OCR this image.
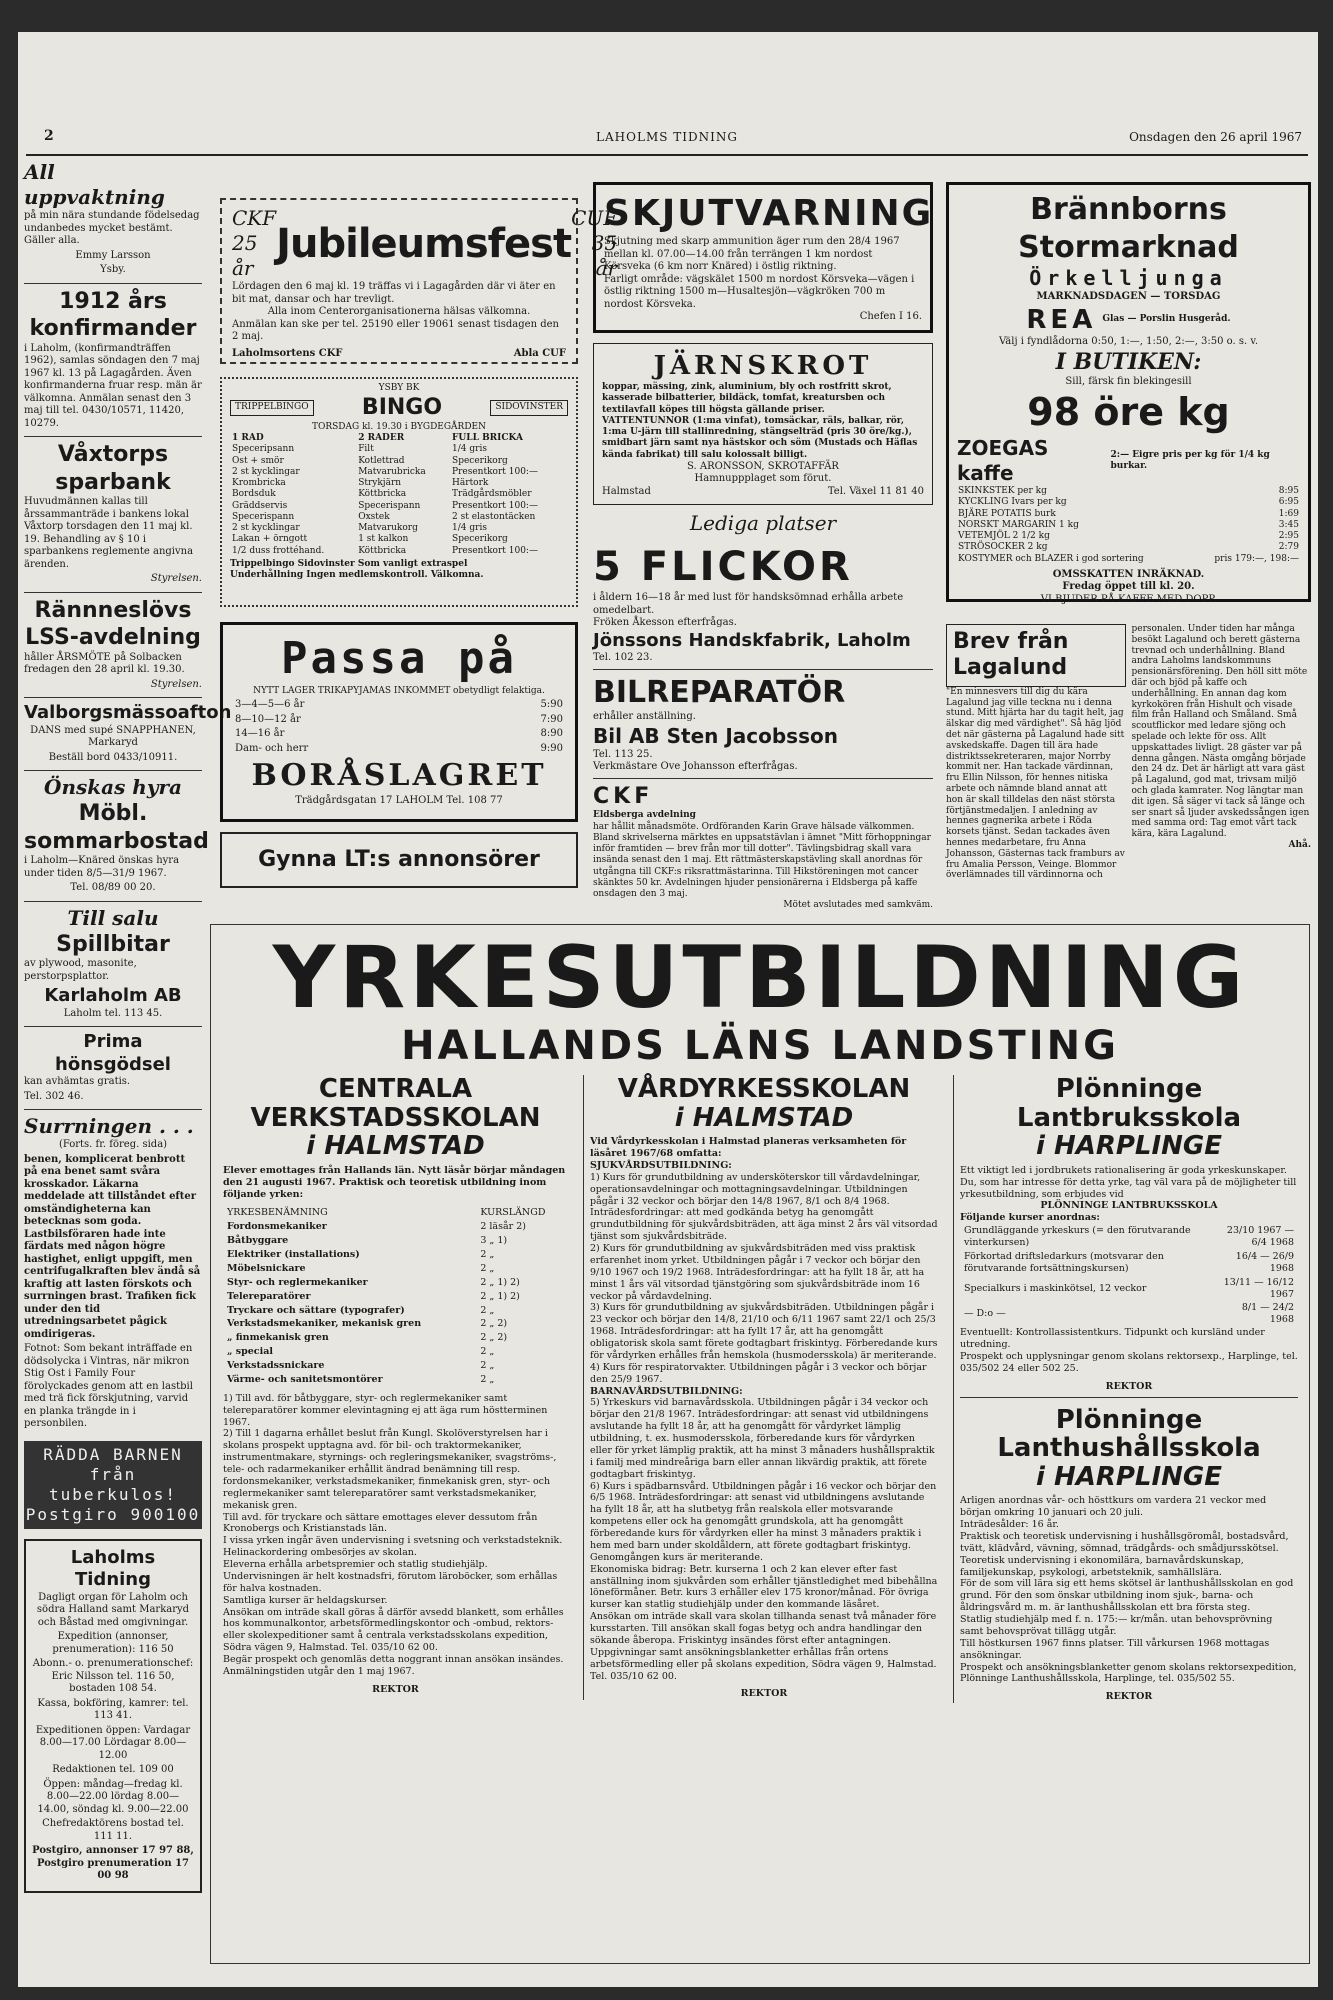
2	LAHOLMS TIDNING	Onsdagen den 26 april 1967
All uppvaktning

på min nära stundande födelsedag undanbedes mycket bestämt. Gäller alla.

Emmy Larsson

Ysby.

1912 års konfirmander

i Laholm, (konfirmandträffen 1962), samlas söndagen den 7 maj 1967 kl. 13 på Lagagården. Även konfirmanderna fruar resp. män är välkomna. Anmälan senast den 3 maj till tel. 0430/10571, 11420, 10279.

Våxtorps sparbank

Huvudmännen kallas till årssammanträde i bankens lokal Våxtorp torsdagen den 11 maj kl. 19. Behandling av § 10 i sparbankens reglemente angivna ärenden.

Styrelsen.

Rännneslövs LSS-avdelning

håller ÅRSMÖTE på Solbacken fredagen den 28 april kl. 19.30.

Styrelsen.

Valborgsmässoafton

DANS med supé SNAPPHANEN, Markaryd

Beställ bord 0433/10911.

Önskas hyra
Möbl. sommarbostad

i Laholm—Knäred önskas hyra under tiden 8/5—31/9 1967.

Tel. 08/89 00 20.

Till salu
Spillbitar

av plywood, masonite, perstorpsplattor.

Karlaholm AB

Laholm tel. 113 45.

Prima hönsgödsel

kan avhämtas gratis.

Tel. 302 46.

Surrningen . . .

(Forts. fr. föreg. sida)

benen, komplicerat benbrott på ena benet samt svåra krosskador. Läkarna meddelade att tillståndet efter omständigheterna kan betecknas som goda. Lastbilsföraren hade inte färdats med någon högre hastighet, enligt uppgift, men centrifugalkraften blev ändå så kraftig att lasten förskots och surrningen brast. Trafiken fick under den tid utredningsarbetet pågick omdirigeras.

Fotnot: Som bekant inträffade en dödsolycka i Vintras, när mikron Stig Ost i Family Four förolyckades genom att en lastbil med trä fick förskjutning, varvid en planka trängde in i personbilen.

RÄDDA BARNEN från tuberkulos! Postgiro 900100
Laholms Tidning

Dagligt organ för Laholm och södra Halland samt Markaryd och Båstad med omgivningar.

Expedition (annonser, prenumeration): 116 50

Abonn.- o. prenumerationschef: Eric Nilsson tel. 116 50, bostaden 108 54.

Kassa, bokföring, kamrer: tel. 113 41.

Expeditionen öppen: Vardagar 8.00—17.00 Lördagar 8.00—12.00

Redaktionen tel. 109 00

Öppen: måndag—fredag kl. 8.00—22.00 lördag 8.00—14.00, söndag kl. 9.00—22.00

Chefredaktörens bostad tel. 111 11.

Postgiro, annonser 17 97 88, Postgiro prenumeration 17 00 98

CKF
25 år
Jubileumsfest
CUF
35 år

Lördagen den 6 maj kl. 19 träffas vi i Lagagården där vi äter en bit mat, dansar och har trevligt.

Alla inom Centerorganisationerna hälsas välkomna.

Anmälan kan ske per tel. 25190 eller 19061 senast tisdagen den 2 maj.

Laholmsortens CKF	Abla CUF
YSBY BK
TRIPPELBINGO BINGO	SIDOVINSTER
TORSDAG kl. 19.30 i BYGDEGÅRDEN
1 RAD	2 RADER	FULL BRICKA
Speceripsann	Filt	1/4 gris
Ost + smör	Kotlettrad	Specerikorg
2 st kycklingar	Matvarubricka	Presentkort 100:—
Krombricka	Strykjärn	Härtork
Bordsduk	Köttbricka	Trädgårdsmöbler
Gräddservis	Specerispann	Presentkort 100:—
Specerispann	Oxstek	2 st elastontäcken
2 st kycklingar	Matvarukorg	1/4 gris
Lakan + örngott	1 st kalkon	Specerikorg
1/2 duss frottéhand.	Köttbricka	Presentkort 100:—
Trippelbingo Sidovinster Som vanligt extraspel
Underhållning Ingen medlemskontroll. Välkomna.
Passa på
NYTT LAGER TRIKAPYJAMAS INKOMMET obetydligt felaktiga.
3—4—5—6 år	5:90
8—10—12 år	7:90
14—16 år	8:90
Dam- och herr	9:90
BORÅSLAGRET
Trädgårdsgatan 17 LAHOLM Tel. 108 77
Gynna LT:s annonsörer
SKJUTVARNING

Skjutning med skarp ammunition äger rum den 28/4 1967 mellan kl. 07.00—14.00 från terrängen 1 km nordost Körsveka (6 km norr Knäred) i östlig riktning.

Farligt område: vägskälet 1500 m nordost Körsveka—vägen i östlig riktning 1500 m—Husaltesjön—vägkröken 700 m nordost Körsveka.

Chefen I 16.

JÄRNSKROT

koppar, mässing, zink, aluminium, bly och rostfritt skrot, kasserade bilbatterier, bildäck, tomfat, kreatursben och textilavfall köpes till högsta gällande priser.

VATTENTUNNOR (1:ma vinfat), tomsäckar, räls, balkar, rör, 1:ma U-järn till stallinredning, stängselträd (pris 30 öre/kg.), smidbart järn samt nya hästskor och söm (Mustads och Häflas kända fabrikat) till salu kolossalt billigt.

S. ARONSSON, SKROTAFFÄR

Hamnuppplaget som förut.

Halmstad	Tel. Växel 11 81 40
Lediga platser
5 FLICKOR

i åldern 16—18 år med lust för handsksömnad erhålla arbete omedelbart.

Fröken Åkesson efterfrågas.

Jönssons Handskfabrik, Laholm

Tel. 102 23.

BILREPARATÖR

erhåller anställning.

Bil AB Sten Jacobsson

Tel. 113 25.

Verkmästare Ove Johansson efterfrågas.

CKF

Eldsberga avdelning

har hållit månadsmöte. Ordföranden Karin Grave hälsade välkommen. Bland skrivelserna märktes en uppsatstävlan i ämnet "Mitt förhoppningar inför framtiden — brev från mor till dotter". Tävlingsbidrag skall vara insända senast den 1 maj. Ett rättmästerskapstävling skall anordnas för utgångna till CKF:s riksrattmästarinna. Till Hikstöreningen mot cancer skänktes 50 kr. Avdelningen hjuder pensionärerna i Eldsberga på kaffe onsdagen den 3 maj.

Mötet avslutades med samkväm.

Brännborns Stormarknad
Örkelljunga
MARKNADSDAGEN — TORSDAG
REA Glas — Porslin Husgeråd.
Välj i fyndlådorna 0:50, 1:—, 1:50, 2:—, 3:50 o. s. v.
I BUTIKEN:
Sill, färsk fin blekingesill
98 öre kg
ZOEGAS kaffe
2:— Eigre pris per kg för 1/4 kg burkar.
SKINKSTEK per kg	8:95
KYCKLING Ivars per kg	6:95
BJÄRE POTATIS burk	1:69
NORSKT MARGARIN 1 kg	3:45
VETEMJÖL 2 1/2 kg	2:95
STRÖSOCKER 2 kg	2:79
KOSTYMER och BLAZER i god sortering	pris 179:—, 198:—
OMSSKATTEN INRÄKNAD.
Fredag öppet till kl. 20.
VI BJUDER PÅ KAFFE MED DOPP.
Brev från Lagalund

"En minnesvers till dig du kära Lagalund jag ville teckna nu i denna stund. Mitt hjärta har du tagit helt, jag älskar dig med värdighet". Så häg ljöd det när gästerna på Lagalund hade sitt avskedskaffe. Dagen till ära hade distriktssekreteraren, major Norrby kommit ner. Han tackade värdinnan, fru Ellin Nilsson, för hennes nitiska arbete och nämnde bland annat att hon är skall tilldelas den näst största förtjänstmedaljen. I anledning av hennes gagnerika arbete i Röda korsets tjänst. Sedan tackades även hennes medarbetare, fru Anna Johansson, Gästernas tack framburs av fru Amalia Persson, Veinge. Blommor överlämnades till värdinnorna och

personalen. Under tiden har många besökt Lagalund och berett gästerna trevnad och underhållning. Bland andra Laholms landskommuns pensionärsförening. Den höll sitt möte där och bjöd på kaffe och underhållning. En annan dag kom kyrkokören från Hishult och visade film från Halland och Småland. Små scoutflickor med ledare sjöng och spelade och lekte för oss. Allt uppskattades livligt. 28 gäster var på denna gången. Nästa omgång började den 24 dz. Det är härligt att vara gäst på Lagalund, god mat, trivsam miljö och glada kamrater. Nog längtar man dit igen. Så säger vi tack så länge och ser snart så ljuder avskedssången igen med samma ord: Tag emot vårt tack kära, kära Lagalund.

Ahå.

YRKESUTBILDNING
HALLANDS LÄNS LANDSTING
CENTRALA VERKSTADSSKOLAN
i HALMSTAD

Elever emottages från Hallands län. Nytt läsår börjar måndagen den 21 augusti 1967. Praktisk och teoretisk utbildning inom följande yrken:

YRKESBENÄMNING	KURSLÄNGD
Fordonsmekaniker	2 läsår 2)
Båtbyggare	3 „ 1)
Elektriker (installations)	2 „
Möbelsnickare	2 „
Styr- och reglermekaniker	2 „ 1) 2)
Telereparatörer	2 „ 1) 2)
Tryckare och sättare (typografer)	2 „
Verkstadsmekaniker, mekanisk gren	2 „ 2)
„ finmekanisk gren	2 „ 2)
„ special	2 „
Verkstadssnickare	2 „
Värme- och sanitetsmontörer	2 „

1) Till avd. för båtbyggare, styr- och reglermekaniker samt telereparatörer kommer elevintagning ej att äga rum höstterminen 1967.

2) Till 1 dagarna erhållet beslut från Kungl. Skolöverstyrelsen har i skolans prospekt upptagna avd. för bil- och traktormekaniker, instrumentmakare, styrnings- och regleringsmekaniker, svagströms-, tele- och radarmekaniker erhållit ändrad benämning till resp. fordonsmekaniker, verkstadsmekaniker, finmekanisk gren, styr- och reglermekaniker samt telereparatörer samt verkstadsmekaniker, mekanisk gren.

Till avd. för tryckare och sättare emottages elever dessutom från Kronobergs och Kristianstads län.

I vissa yrken ingår även undervisning i svetsning och verkstadsteknik.

Helinackordering ombesörjes av skolan.

Eleverna erhålla arbetspremier och statlig studiehjälp.

Undervisningen är helt kostnadsfri, förutom läroböcker, som erhållas för halva kostnaden.

Samtliga kurser är heldagskurser.

Ansökan om inträde skall göras å därför avsedd blankett, som erhålles hos kommunalkontor, arbetsförmedlingskontor och -ombud, rektors- eller skolexpeditioner samt å centrala verkstadsskolans expedition, Södra vägen 9, Halmstad. Tel. 035/10 62 00.

Begär prospekt och genomläs detta noggrant innan ansökan insändes.

Anmälningstiden utgår den 1 maj 1967.

REKTOR
VÅRDYRKESSKOLAN
i HALMSTAD

Vid Vårdyrkesskolan i Halmstad planeras verksamheten för läsåret 1967/68 omfatta:

SJUKVÅRDSUTBILDNING:

1) Kurs för grundutbildning av undersköterskor till vårdavdelningar, operationsavdelningar och mottagningsavdelningar. Utbildningen pågår i 32 veckor och börjar den 14/8 1967, 8/1 och 8/4 1968. Inträdesfordringar: att med godkända betyg ha genomgått grundutbildning för sjukvårdsbiträden, att äga minst 2 års väl vitsordad tjänst som sjukvårdsbiträde.

2) Kurs för grundutbildning av sjukvårdsbiträden med viss praktisk erfarenhet inom yrket. Utbildningen pågår i 7 veckor och börjar den 9/10 1967 och 19/2 1968. Inträdesfordringar: att ha fyllt 18 år, att ha minst 1 års väl vitsordad tjänstgöring som sjukvårdsbiträde inom 16 veckor på vårdavdelning.

3) Kurs för grundutbildning av sjukvårdsbiträden. Utbildningen pågår i 23 veckor och börjar den 14/8, 21/10 och 6/11 1967 samt 22/1 och 25/3 1968. Inträdesfordringar: att ha fyllt 17 år, att ha genomgått obligatorisk skola samt förete godtagbart friskintyg. Förberedande kurs för vårdyrken erhålles från hemskola (husmodersskola) är meriterande.

4) Kurs för respiratorvakter. Utbildningen pågår i 3 veckor och börjar den 25/9 1967.

BARNAVÅRDSUTBILDNING:

5) Yrkeskurs vid barnavårdsskola. Utbildningen pågår i 34 veckor och börjar den 21/8 1967. Inträdesfordringar: att senast vid utbildningens avslutande ha fyllt 18 år, att ha genomgått för vårdyrket lämplig utbildning, t. ex. husmodersskola, förberedande kurs för vårdyrken eller för yrket lämplig praktik, att ha minst 3 månaders hushållspraktik i familj med mindreårigа barn eller annan likvärdig praktik, att förete godtagbart friskintyg.

6) Kurs i spädbarnsvård. Utbildningen pågår i 16 veckor och börjar den 6/5 1968. Inträdesfordringar: att senast vid utbildningens avslutande ha fyllt 18 år, att ha slutbetyg från realskola eller motsvarande kompetens eller ock ha genomgått grundskola, att ha genomgått förberedande kurs för vårdyrken eller ha minst 3 månaders praktik i hem med barn under skoldåldern, att förete godtagbart friskintyg. Genomgången kurs är meriterande.

Ekonomiska bidrag: Betr. kurserna 1 och 2 kan elever efter fast anställning inom sjukvården som erhåller tjänstledighet med bibehållna löneförmåner. Betr. kurs 3 erhåller elev 175 kronor/månad. För övriga kurser kan statlig studiehjälp under den kommande läsåret.

Ansökan om inträde skall vara skolan tillhanda senast två månader före kursstarten. Till ansökan skall fogas betyg och andra handlingar den sökande åberopa. Friskintyg insändes först efter antagningen. Uppgivningar samt ansökningsblanketter erhållas från ortens arbetsförmedling eller på skolans expedition, Södra vägen 9, Halmstad. Tel. 035/10 62 00.

REKTOR
Plönninge Lantbruksskola
i HARPLINGE

Ett viktigt led i jordbrukets rationalisering är goda yrkeskunskaper. Du, som har intresse för detta yrke, tag väl vara på de möjligheter till yrkesutbildning, som erbjudes vid

PLÖNNINGE LANTBRUKSSKOLA

Följande kurser anordnas:

Grundläggande yrkeskurs (= den förutvarande vinterkursen)	23/10 1967 — 6/4 1968
Förkortad driftsledarkurs (motsvarar den förutvarande fortsättningskursen)	16/4 — 26/9 1968
Specialkurs i maskinkötsel, 12 veckor	13/11 — 16/12 1967
— D:o —	8/1 — 24/2 1968

Eventuellt: Kontrollassistentkurs. Tidpunkt och kursländ under utredning.

Prospekt och upplysningar genom skolans rektorsexp., Harplinge, tel. 035/502 24 eller 502 25.

REKTOR
Plönninge Lanthushållsskola
i HARPLINGE

Arligen anordnas vår- och hösttkurs om vardera 21 veckor med början omkring 10 januari och 20 juli.

Inträdesålder: 16 år.

Praktisk och teoretisk undervisning i hushållsgöromål, bostadsvård, tvätt, klädvård, vävning, sömnad, trädgårds- och smådjursskötsel. Teoretisk undervisning i ekonomilära, barnavårdskunskap, familjekunskap, psykologi, arbetsteknik, samhällslära.

För de som vill lära sig ett hems skötsel är lanthushållsskolan en god grund. För den som önskar utbildning inom sjuk-, barna- och åldringsvård m. m. är lanthushållsskolan ett bra första steg.

Statlig studiehjälp med f. n. 175:— kr/mån. utan behovsprövning samt behovsprövat tillägg utgår.

Till höstkursen 1967 finns platser. Till vårkursen 1968 mottagas ansökningar.

Prospekt och ansökningsblanketter genom skolans rektorsexpedition, Plönninge Lanthushållsskola, Harplinge, tel. 035/502 55.

REKTOR
